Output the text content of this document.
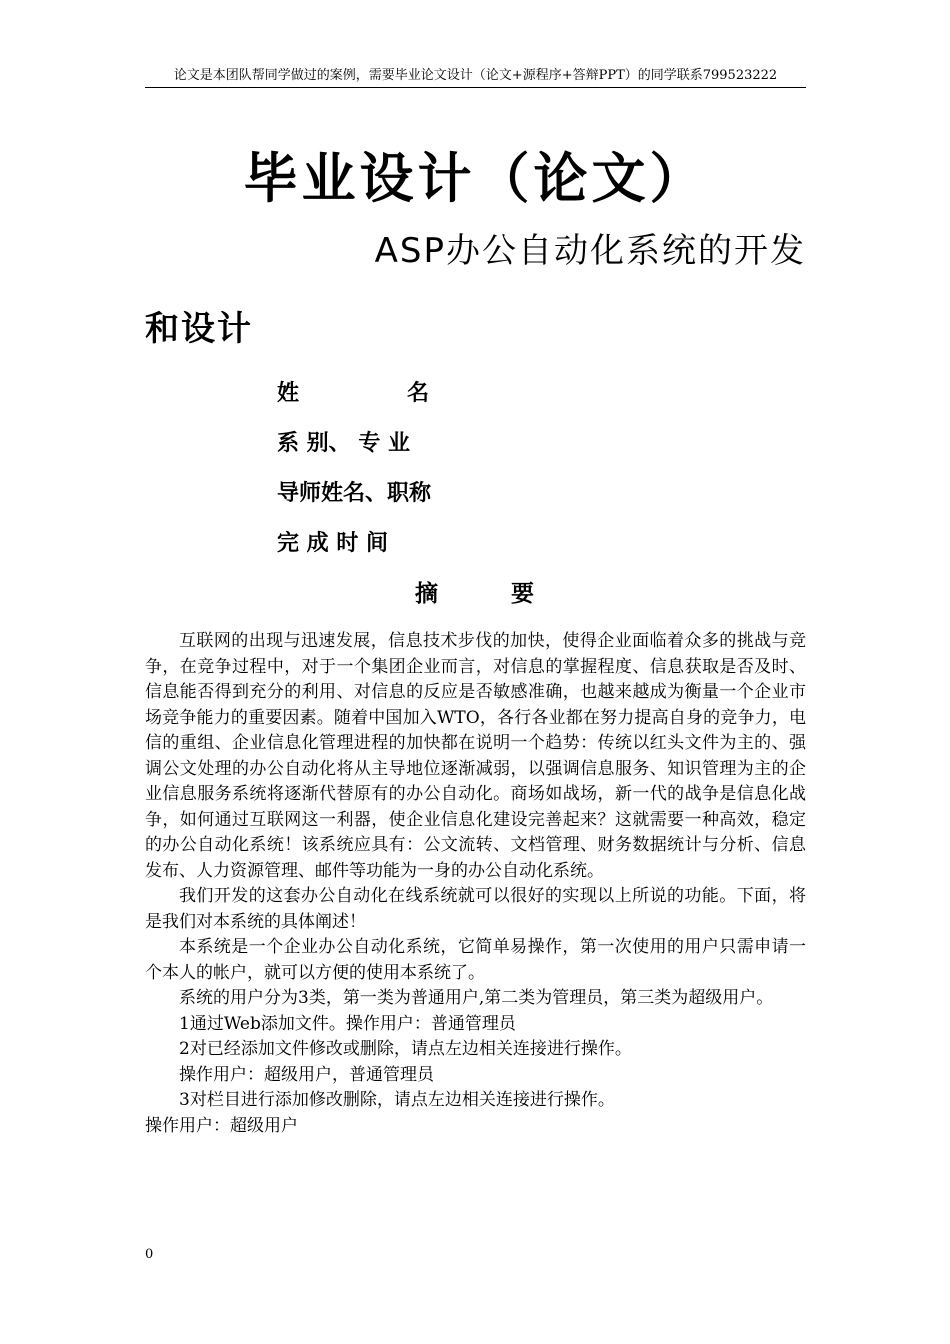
论文是本团队帮同学做过的案例，需要毕业论文设计（论文+源程序+答辩PPT）的同学联系799523222
毕业设计（论文）
ASP办公自动化系统的开发
和设计
姓	名
系 别、 专 业
导师姓名、职称
完 成 时 间
摘	要

互联网的出现与迅速发展，信息技术步伐的加快，使得企业面临着众多的挑战与竞争，在竞争过程中，对于一个集团企业而言，对信息的掌握程度、信息获取是否及时、信息能否得到充分的利用、对信息的反应是否敏感准确，也越来越成为衡量一个企业市场竞争能力的重要因素。随着中国加入WTO，各行各业都在努力提高自身的竞争力，电信的重组、企业信息化管理进程的加快都在说明一个趋势：传统以红头文件为主的、强调公文处理的办公自动化将从主导地位逐渐减弱，以强调信息服务、知识管理为主的企业信息服务系统将逐渐代替原有的办公自动化。商场如战场，新一代的战争是信息化战争，如何通过互联网这一利器，使企业信息化建设完善起来？这就需要一种高效，稳定的办公自动化系统！该系统应具有：公文流转、文档管理、财务数据统计与分析、信息发布、人力资源管理、邮件等功能为一身的办公自动化系统。

我们开发的这套办公自动化在线系统就可以很好的实现以上所说的功能。下面，将是我们对本系统的具体阐述！

本系统是一个企业办公自动化系统，它简单易操作，第一次使用的用户只需申请一个本人的帐户，就可以方便的使用本系统了。

系统的用户分为3类，第一类为普通用户,第二类为管理员，第三类为超级用户。

1通过Web添加文件。操作用户：普通管理员

2对已经添加文件修改或删除，请点左边相关连接进行操作。

操作用户：超级用户，普通管理员

3对栏目进行添加修改删除，请点左边相关连接进行操作。

操作用户：超级用户

0
